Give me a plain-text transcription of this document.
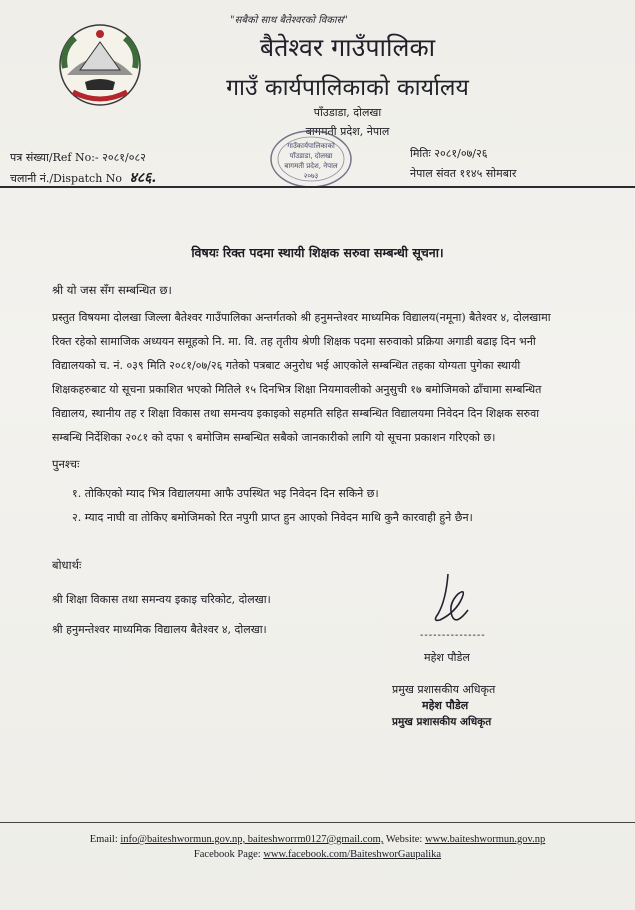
"सबैको साथ बैतेश्वरको विकास"
बैतेश्वर गाउँपालिका
गाउँ कार्यपालिकाको कार्यालय
पाँउडाडा, दोलखा
बागमती प्रदेश, नेपाल
गाउँकार्यपालिकाको
पाँउडाडा, दोलखा
बागमती प्रदेश, नेपाल
२०७३
पत्र संख्या/Ref No:- २०८१/०८२
चलानी नं./Dispatch No ४८६.
मितिः २०८१/०७/२६
नेपाल संवत ११४५ सोमबार
विषयः रिक्त पदमा स्थायी शिक्षक सरुवा सम्बन्धी सूचना।
श्री यो जस सँग सम्बन्धित छ।
प्रस्तुत विषयमा दोलखा जिल्ला बैतेश्वर गाउँपालिका अन्तर्गतको श्री हनुमन्तेश्वर माध्यमिक विद्यालय(नमूना) बैतेश्वर ४, दोलखामा
रिक्त रहेको सामाजिक अध्ययन समूहको नि. मा. वि. तह तृतीय श्रेणी शिक्षक पदमा सरुवाको प्रक्रिया अगाडी बढाइ दिन भनी
विद्यालयको च. नं. ०३९ मिति २०८१/०७/२६ गतेको पत्रबाट अनुरोध भई आएकोले सम्बन्धित तहका योग्यता पुगेका स्थायी
शिक्षकहरुबाट यो सूचना प्रकाशित भएको मितिले १५ दिनभित्र शिक्षा नियमावलीको अनुसुची १७ बमोजिमको ढाँचामा सम्बन्धित
विद्यालय, स्थानीय तह र शिक्षा विकास तथा समन्वय इकाइको सहमति सहित सम्बन्धित विद्यालयमा निवेदन दिन शिक्षक सरुवा
सम्बन्धि निर्देशिका २०८१ को दफा ९ बमोजिम सम्बन्धित सबैको जानकारीको लागि यो सूचना प्रकाशन गरिएको छ।
पुनश्चः
१. तोकिएको म्याद भित्र विद्यालयमा आफै उपस्थित भइ निवेदन दिन सकिने छ।
२. म्याद नाघी वा तोकिए बमोजिमको रित नपुगी प्राप्त हुन आएको निवेदन माथि कुनै कारवाही हुने छैन।
बोधार्थः
श्री शिक्षा विकास तथा समन्वय इकाइ चरिकोट, दोलखा।
श्री हनुमन्तेश्वर माध्यमिक विद्यालय बैतेश्वर ४, दोलखा।	---------------
महेश पौडेल
प्रमुख प्रशासकीय अधिकृत
महेश पौडेल
प्रमुख प्रशासकीय अधिकृत
Email: info@baiteshwormun.gov.np, baiteshworrm0127@gmail.com, Website: www.baiteshwormun.gov.np
Facebook Page: www.facebook.com/BaiteshworGaupalika
